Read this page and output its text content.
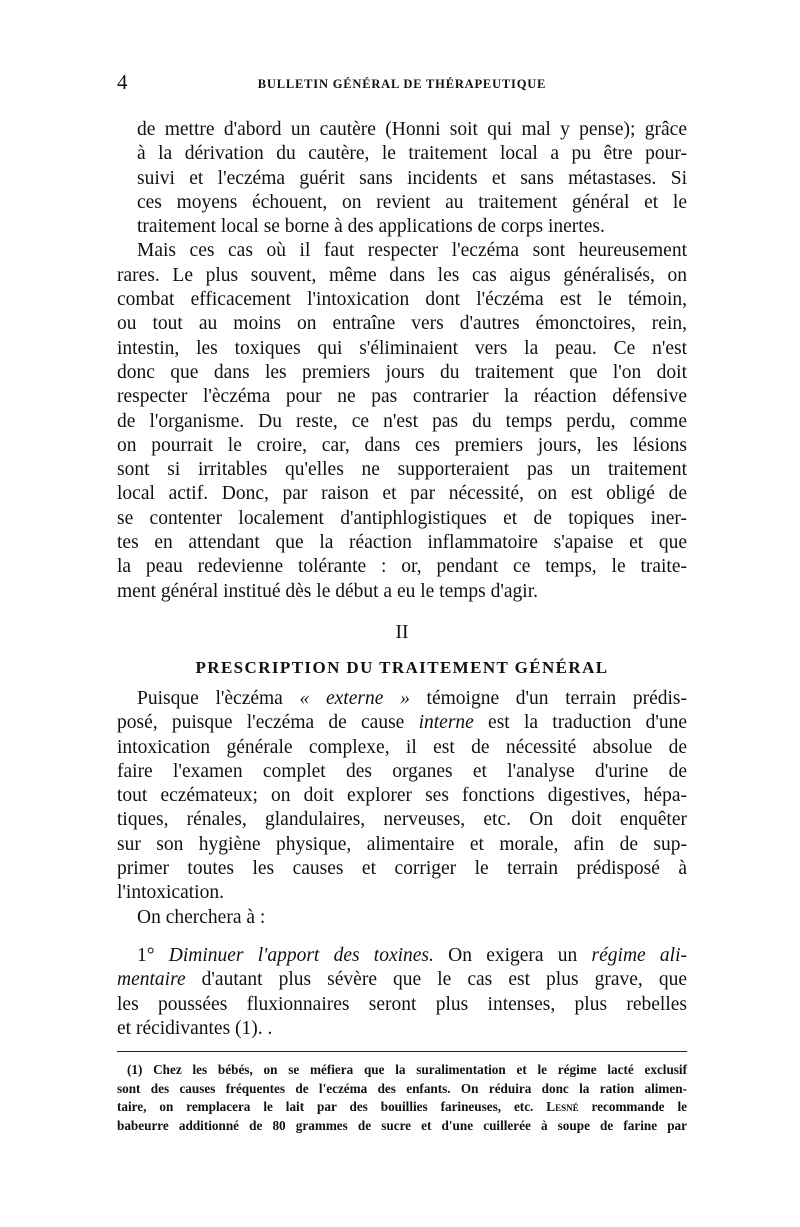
4	BULLETIN GÉNÉRAL DE THÉRAPEUTIQUE

de mettre d'abord un cautère (Honni soit qui mal y pense); grâce
à la dérivation du cautère, le traitement local a pu être pour-
suivi et l'eczéma guérit sans incidents et sans métastases. Si
ces moyens échouent, on revient au traitement général et le
traitement local se borne à des applications de corps inertes.

Mais ces cas où il faut respecter l'eczéma sont heureusement
rares. Le plus souvent, même dans les cas aigus généralisés, on
combat efficacement l'intoxication dont l'éczéma est le témoin,
ou tout au moins on entraîne vers d'autres émonctoires, rein,
intestin, les toxiques qui s'éliminaient vers la peau. Ce n'est
donc que dans les premiers jours du traitement que l'on doit
respecter l'èczéma pour ne pas contrarier la réaction défensive
de l'organisme. Du reste, ce n'est pas du temps perdu, comme
on pourrait le croire, car, dans ces premiers jours, les lésions
sont si irritables qu'elles ne supporteraient pas un traitement
local actif. Donc, par raison et par nécessité, on est obligé de
se contenter localement d'antiphlogistiques et de topiques iner-
tes en attendant que la réaction inflammatoire s'apaise et que
la peau redevienne tolérante : or, pendant ce temps, le traite-
ment général institué dès le début a eu le temps d'agir.

II
PRESCRIPTION DU TRAITEMENT GÉNÉRAL

Puisque l'èczéma « externe » témoigne d'un terrain prédis-
posé, puisque l'eczéma de cause interne est la traduction d'une
intoxication générale complexe, il est de nécessité absolue de
faire l'examen complet des organes et l'analyse d'urine de
tout eczémateux; on doit explorer ses fonctions digestives, hépa-
tiques, rénales, glandulaires, nerveuses, etc. On doit enquêter
sur son hygiène physique, alimentaire et morale, afin de sup-
primer toutes les causes et corriger le terrain prédisposé à
l'intoxication.

On cherchera à :

1° Diminuer l'apport des toxines. On exigera un régime ali-
mentaire d'autant plus sévère que le cas est plus grave, que
les poussées fluxionnaires seront plus intenses, plus rebelles
et récidivantes (1). .

(1) Chez les bébés, on se méfiera que la suralimentation et le régime lacté exclusif
sont des causes fréquentes de l'eczéma des enfants. On réduira donc la ration alimen-
taire, on remplacera le lait par des bouillies farineuses, etc. Lesné recommande le
babeurre additionné de 80 grammes de sucre et d'une cuillerée à soupe de farine par
